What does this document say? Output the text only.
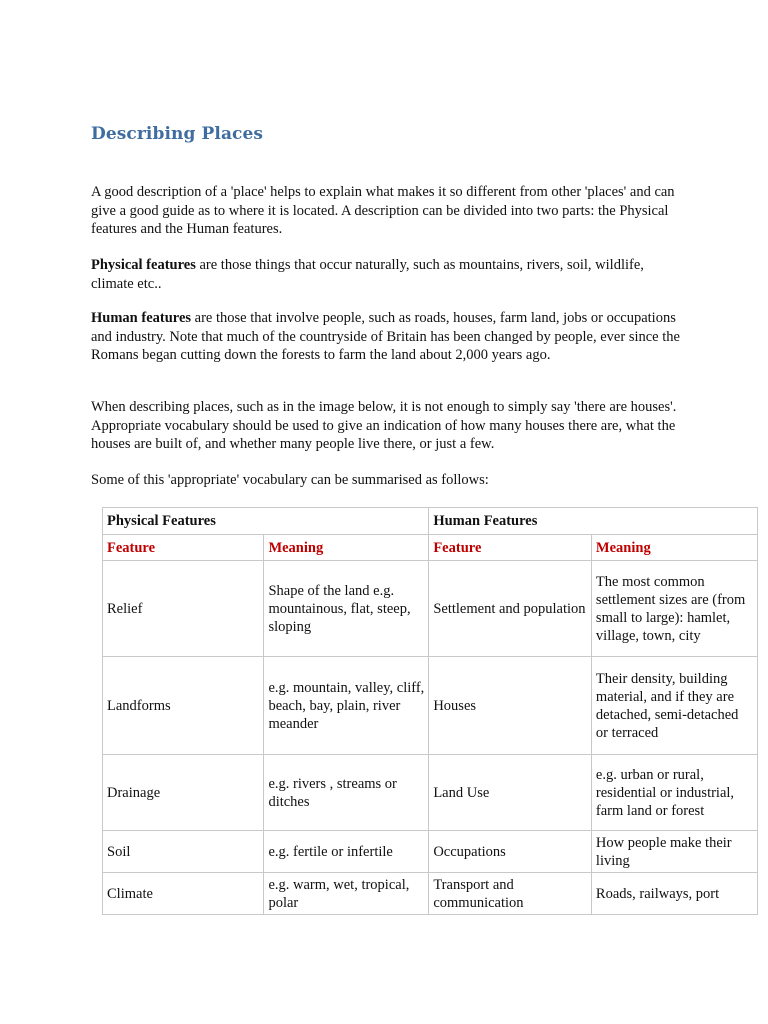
Describing Places

A good description of a 'place' helps to explain what makes it so different from other 'places' and can give a good guide as to where it is located. A description can be divided into two parts: the Physical features and the Human features.

Physical features are those things that occur naturally, such as mountains, rivers, soil, wildlife, climate etc..

Human features are those that involve people, such as roads, houses, farm land, jobs or occupations and industry. Note that much of the countryside of Britain has been changed by people, ever since the Romans began cutting down the forests to farm the land about 2,000 years ago.

When describing places, such as in the image below, it is not enough to simply say 'there are houses'. Appropriate vocabulary should be used to give an indication of how many houses there are, what the houses are built of, and whether many people live there, or just a few.

Some of this 'appropriate' vocabulary can be summarised as follows:

Physical Features		Human Features	
Feature	Meaning	Feature	Meaning
Relief	Shape of the land e.g. mountainous, flat, steep, sloping	Settlement and population	The most common settlement sizes are (from small to large): hamlet, village, town, city
Landforms	e.g. mountain, valley, cliff, beach, bay, plain, river meander	Houses	Their density, building material, and if they are detached, semi-detached or terraced
Drainage	e.g. rivers , streams or ditches	Land Use	e.g. urban or rural, residential or industrial, farm land or forest
Soil	e.g. fertile or infertile	Occupations	How people make their living
Climate	e.g. warm, wet, tropical, polar	Transport and communication	Roads, railways, port
